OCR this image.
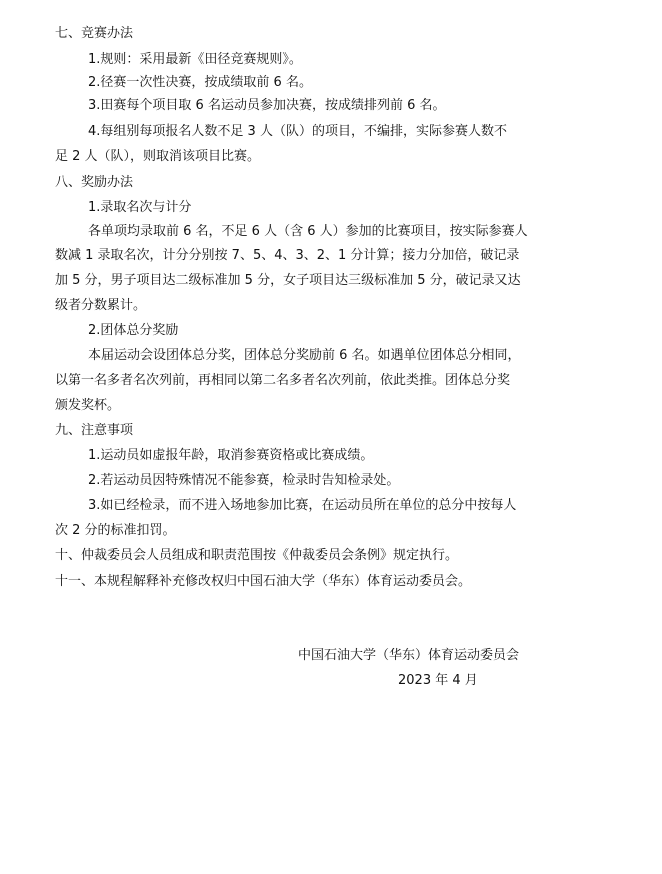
七、竞赛办法
1.规则：采用最新《田径竞赛规则》。
2.径赛一次性决赛，按成绩取前 6 名。
3.田赛每个项目取 6 名运动员参加决赛，按成绩排列前 6 名。
4.每组别每项报名人数不足 3 人（队）的项目，不编排，实际参赛人数不
足 2 人（队），则取消该项目比赛。
八、奖励办法
1.录取名次与计分
各单项均录取前 6 名，不足 6 人（含 6 人）参加的比赛项目，按实际参赛人
数减 1 录取名次，计分分别按 7、5、4、3、2、1 分计算；接力分加倍，破记录
加 5 分，男子项目达二级标准加 5 分，女子项目达三级标准加 5 分，破记录又达
级者分数累计。
2.团体总分奖励
本届运动会设团体总分奖，团体总分奖励前 6 名。如遇单位团体总分相同，
以第一名多者名次列前，再相同以第二名多者名次列前，依此类推。团体总分奖
颁发奖杯。
九、注意事项
1.运动员如虚报年龄，取消参赛资格或比赛成绩。
2.若运动员因特殊情况不能参赛，检录时告知检录处。
3.如已经检录，而不进入场地参加比赛，在运动员所在单位的总分中按每人
次 2 分的标准扣罚。
十、仲裁委员会人员组成和职责范围按《仲裁委员会条例》规定执行。
十一、本规程解释补充修改权归中国石油大学（华东）体育运动委员会。
中国石油大学（华东）体育运动委员会
2023 年 4 月
